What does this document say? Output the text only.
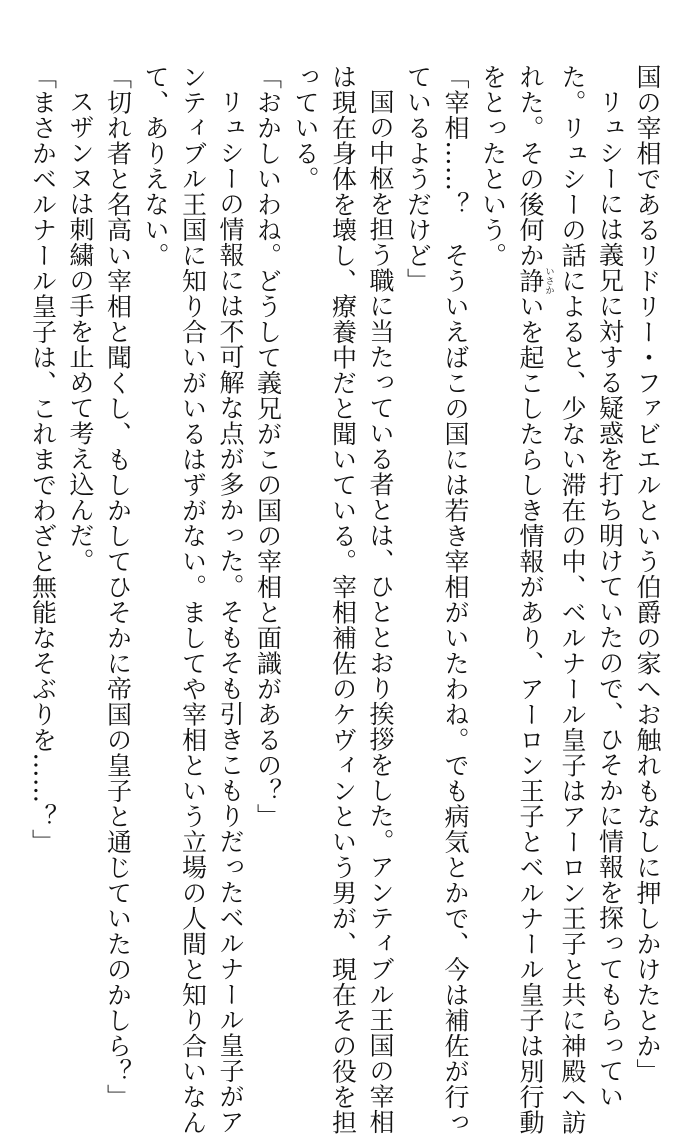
国の宰相であるリドリー・ファビエルという伯爵の家へお触れもなしに押しかけたとか」
リュシーには義兄に対する疑惑を打ち明けていたので、ひそかに情報を探ってもらってい
た。リュシーの話によると、少ない滞在の中、ベルナール皇子はアーロン王子と共に神殿へ訪
れた。その後何か諍いさかいを起こしたらしき情報があり、アーロン王子とベルナール皇子は別行動
をとったという。
「宰相……？　そういえばこの国には若き宰相がいたわね。でも病気とかで、今は補佐が行っ
ているようだけど」
国の中枢を担う職に当たっている者とは、ひととおり挨拶をした。アンティブル王国の宰相
は現在身体を壊し、療養中だと聞いている。宰相補佐のケヴィンという男が、現在その役を担
っている。
「おかしいわね。どうして義兄がこの国の宰相と面識があるの？」
リュシーの情報には不可解な点が多かった。そもそも引きこもりだったベルナール皇子がア
ンティブル王国に知り合いがいるはずがない。ましてや宰相という立場の人間と知り合いなん
て、ありえない。
「切れ者と名高い宰相と聞くし、もしかしてひそかに帝国の皇子と通じていたのかしら？」
スザンヌは刺繍の手を止めて考え込んだ。
「まさかベルナール皇子は、これまでわざと無能なそぶりを……？」
